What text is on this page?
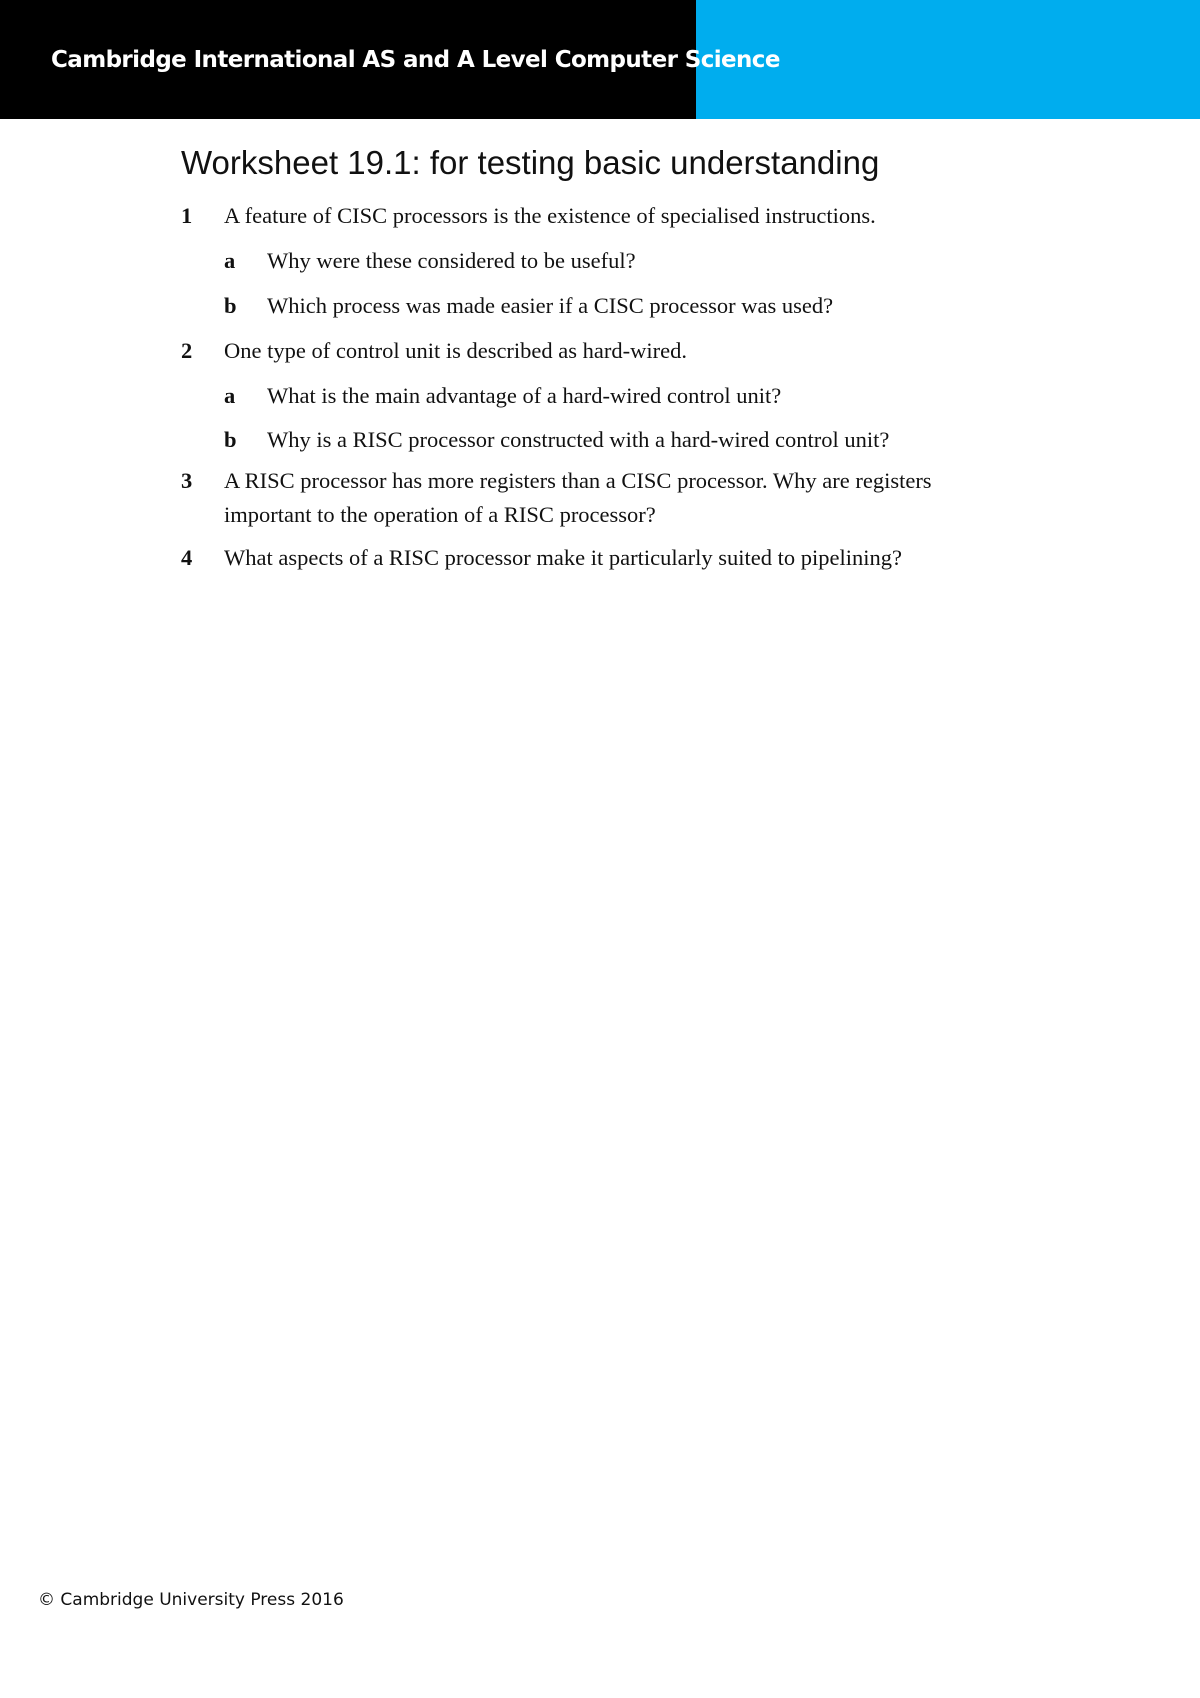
Cambridge International AS and A Level Computer Science
Worksheet 19.1: for testing basic understanding
1 A feature of CISC processors is the existence of specialised instructions.
a Why were these considered to be useful?
b Which process was made easier if a CISC processor was used?
2 One type of control unit is described as hard-wired.
a What is the main advantage of a hard-wired control unit?
b Why is a RISC processor constructed with a hard-wired control unit?
3 A RISC processor has more registers than a CISC processor. Why are registers important to the operation of a RISC processor?
4 What aspects of a RISC processor make it particularly suited to pipelining?
© Cambridge University Press 2016
